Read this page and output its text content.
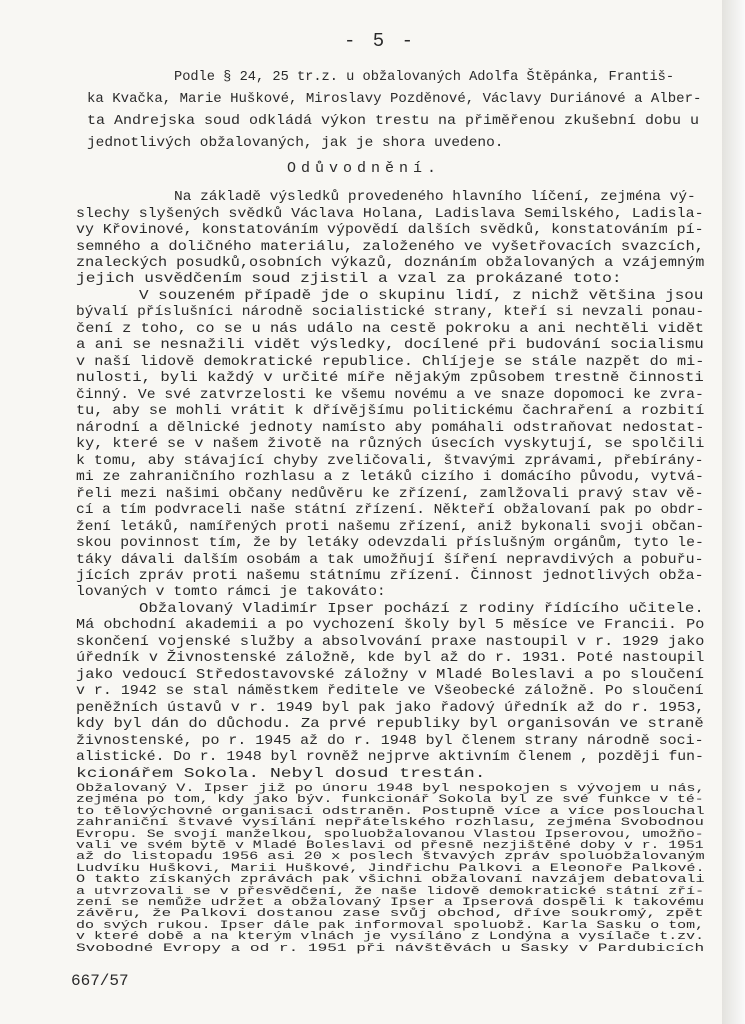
- 5 -
Podle § 24, 25 tr.z. u obžalovaných Adolfa Štěpánka, Františ-
ka Kvačka, Marie Huškové, Miroslavy Pozděnové, Václavy Duriánové a Alber-
ta Andrejska soud odkládá výkon trestu na přiměřenou zkušební dobu u
jednotlivých obžalovaných, jak je shora uvedeno.
Odůvodnění.
Na základě výsledků provedeného hlavního líčení, zejména vý-
slechy slyšených svědků Václava Holana, Ladislava Semilského, Ladisla-
vy Křovinové, konstatováním výpovědí dalších svědků, konstatováním pí-
semného a doličného materiálu, založeného ve vyšetřovacích svazcích,
znaleckých posudků,osobních výkazů, doznáním obžalovaných a vzájemným
jejich usvědčením soud zjistil a vzal za prokázané toto:
V souzeném případě jde o skupinu lidí, z nichž většina jsou
bývalí příslušníci národně socialistické strany, kteří si nevzali ponau-
čení z toho, co se u nás událo na cestě pokroku a ani nechtěli vidět
a ani se nesnažili vidět výsledky, docílené při budování socialismu
v naší lidově demokratické republice. Chlíjeje se stále nazpět do mi-
nulosti, byli každý v určité míře nějakým způsobem trestně činnosti
činný. Ve své zatvrzelosti ke všemu novému a ve snaze dopomoci ke zvra-
tu, aby se mohli vrátit k dřívějšímu politickému čachraření a rozbití
národní a dělnické jednoty namísto aby pomáhali odstraňovat nedostat-
ky, které se v našem životě na různých úsecích vyskytují, se spolčili
k tomu, aby stávající chyby zveličovali, štvavými zprávami, přebírány-
mi ze zahraničního rozhlasu a z letáků cizího i domácího původu, vytvá-
řeli mezi našimi občany nedůvěru ke zřízení, zamlžovali pravý stav vě-
cí a tím podvraceli naše státní zřízení. Někteří obžalovaní pak po obdr-
žení letáků, namířených proti našemu zřízení, aniž bykonali svoji občan-
skou povinnost tím, že by letáky odevzdali příslušným orgánům, tyto le-
táky dávali dalším osobám a tak umožňují šíření nepravdivých a pobuřu-
jících zpráv proti našemu státnímu zřízení. Činnost jednotlivých obža-
lovaných v tomto rámci je takováto:
Obžalovaný Vladimír Ipser pochází z rodiny řídícího učitele.
Má obchodní akademii a po vychození školy byl 5 měsíce ve Francii. Po
skončení vojenské služby a absolvování praxe nastoupil v r. 1929 jako
úředník v Živnostenské záložně, kde byl až do r. 1931. Poté nastoupil
jako vedoucí Středostavovské záložny v Mladé Boleslavi a po sloučení
v r. 1942 se stal náměstkem ředitele ve Všeobecké záložně. Po sloučení
peněžních ústavů v r. 1949 byl pak jako řadový úředník až do r. 1953,
kdy byl dán do důchodu. Za prvé republiky byl organisován ve straně
živnostenské, po r. 1945 až do r. 1948 byl členem strany národně soci-
alistické. Do r. 1948 byl rovněž nejprve aktivním členem , později fun-
kcionářem Sokola. Nebyl dosud trestán.
Obžalovaný V. Ipser již po únoru 1948 byl nespokojen s vývojem u nás,
zejména po tom, kdy jako býv. funkcionář Sokola byl ze své funkce v té-
to tělovýchovné organisaci odstraněn. Postupně více a více poslouchal
zahraniční štvavé vysílání nepřátelského rozhlasu, zejména Svobodnou
Evropu. Se svojí manželkou, spoluobžalovanou Vlastou Ipserovou, umožňo-
vali ve svém bytě v Mladé Boleslavi od přesně nezjištěné doby v r. 1951
až do listopadu 1956 asi 20 x poslech štvavých zpráv spoluobžalovaným
Ludvíku Huškovi, Marii Huškové, Jindřichu Palkovi a Eleonoře Palkové.
O takto získaných zprávách pak všichni obžalovaní navzájem debatovali
a utvrzovali se v přesvědčení, že naše lidově demokratické státní zří-
zení se nemůže udržet a obžalovaný Ipser a Ipserová dospěli k takovému
závěru, že Palkovi dostanou zase svůj obchod, dříve soukromý, zpět
do svých rukou. Ipser dále pak informoval spoluobž. Karla Sasku o tom,
v které době a na kterým vlnách je vysíláno z Londýna a vysílače t.zv.
Svobodné Evropy a od r. 1951 při návštěvách u Sasky v Pardubicích
667/57
